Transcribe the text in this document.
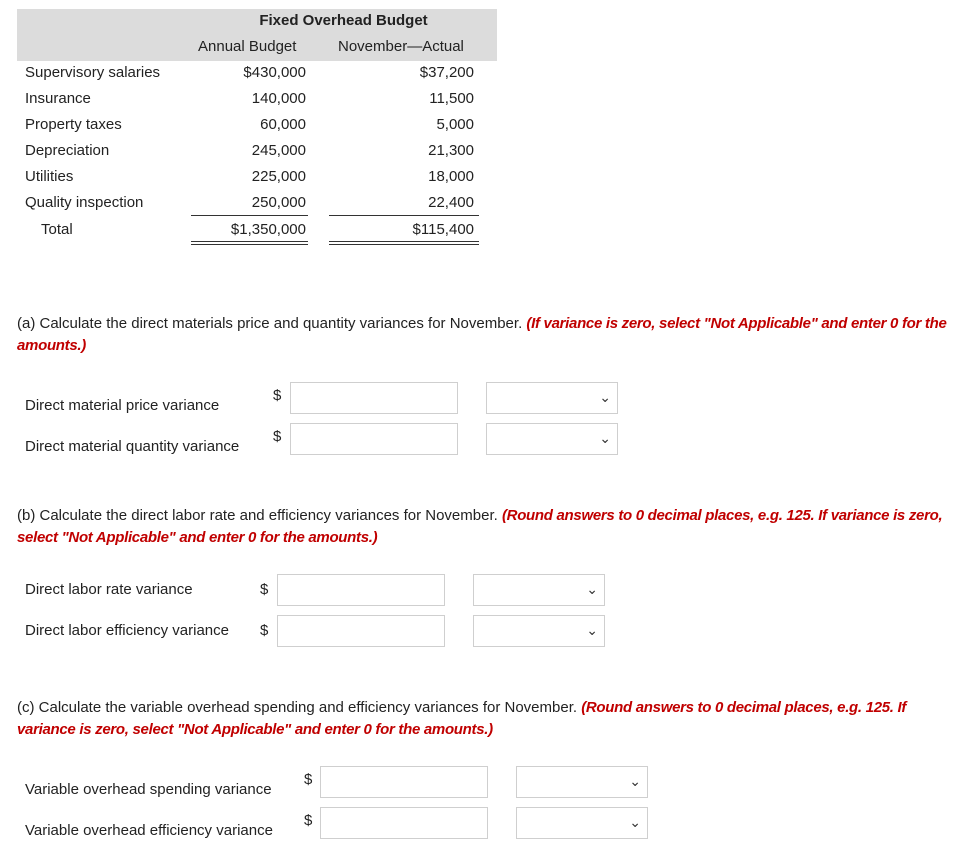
Fixed Overhead Budget
Annual Budget	November—Actual
Supervisory salaries	$430,000	$37,200
Insurance	140,000	11,500
Property taxes	60,000	5,000
Depreciation	245,000	21,300
Utilities	225,000	18,000
Quality inspection	250,000	22,400
Total	$1,350,000	$115,400
(a) Calculate the direct materials price and quantity variances for November. (If variance is zero, select "Not Applicable" and enter 0 for the amounts.)
Direct material price variance
$	⌄
Direct material quantity variance
$	⌄
(b) Calculate the direct labor rate and efficiency variances for November. (Round answers to 0 decimal places, e.g. 125. If variance is zero, select "Not Applicable" and enter 0 for the amounts.)
Direct labor rate variance	$	⌄
Direct labor efficiency variance $	⌄
(c) Calculate the variable overhead spending and efficiency variances for November. (Round answers to 0 decimal places, e.g. 125. If variance is zero, select "Not Applicable" and enter 0 for the amounts.)
Variable overhead spending variance
$	⌄
Variable overhead efficiency variance
$	⌄
